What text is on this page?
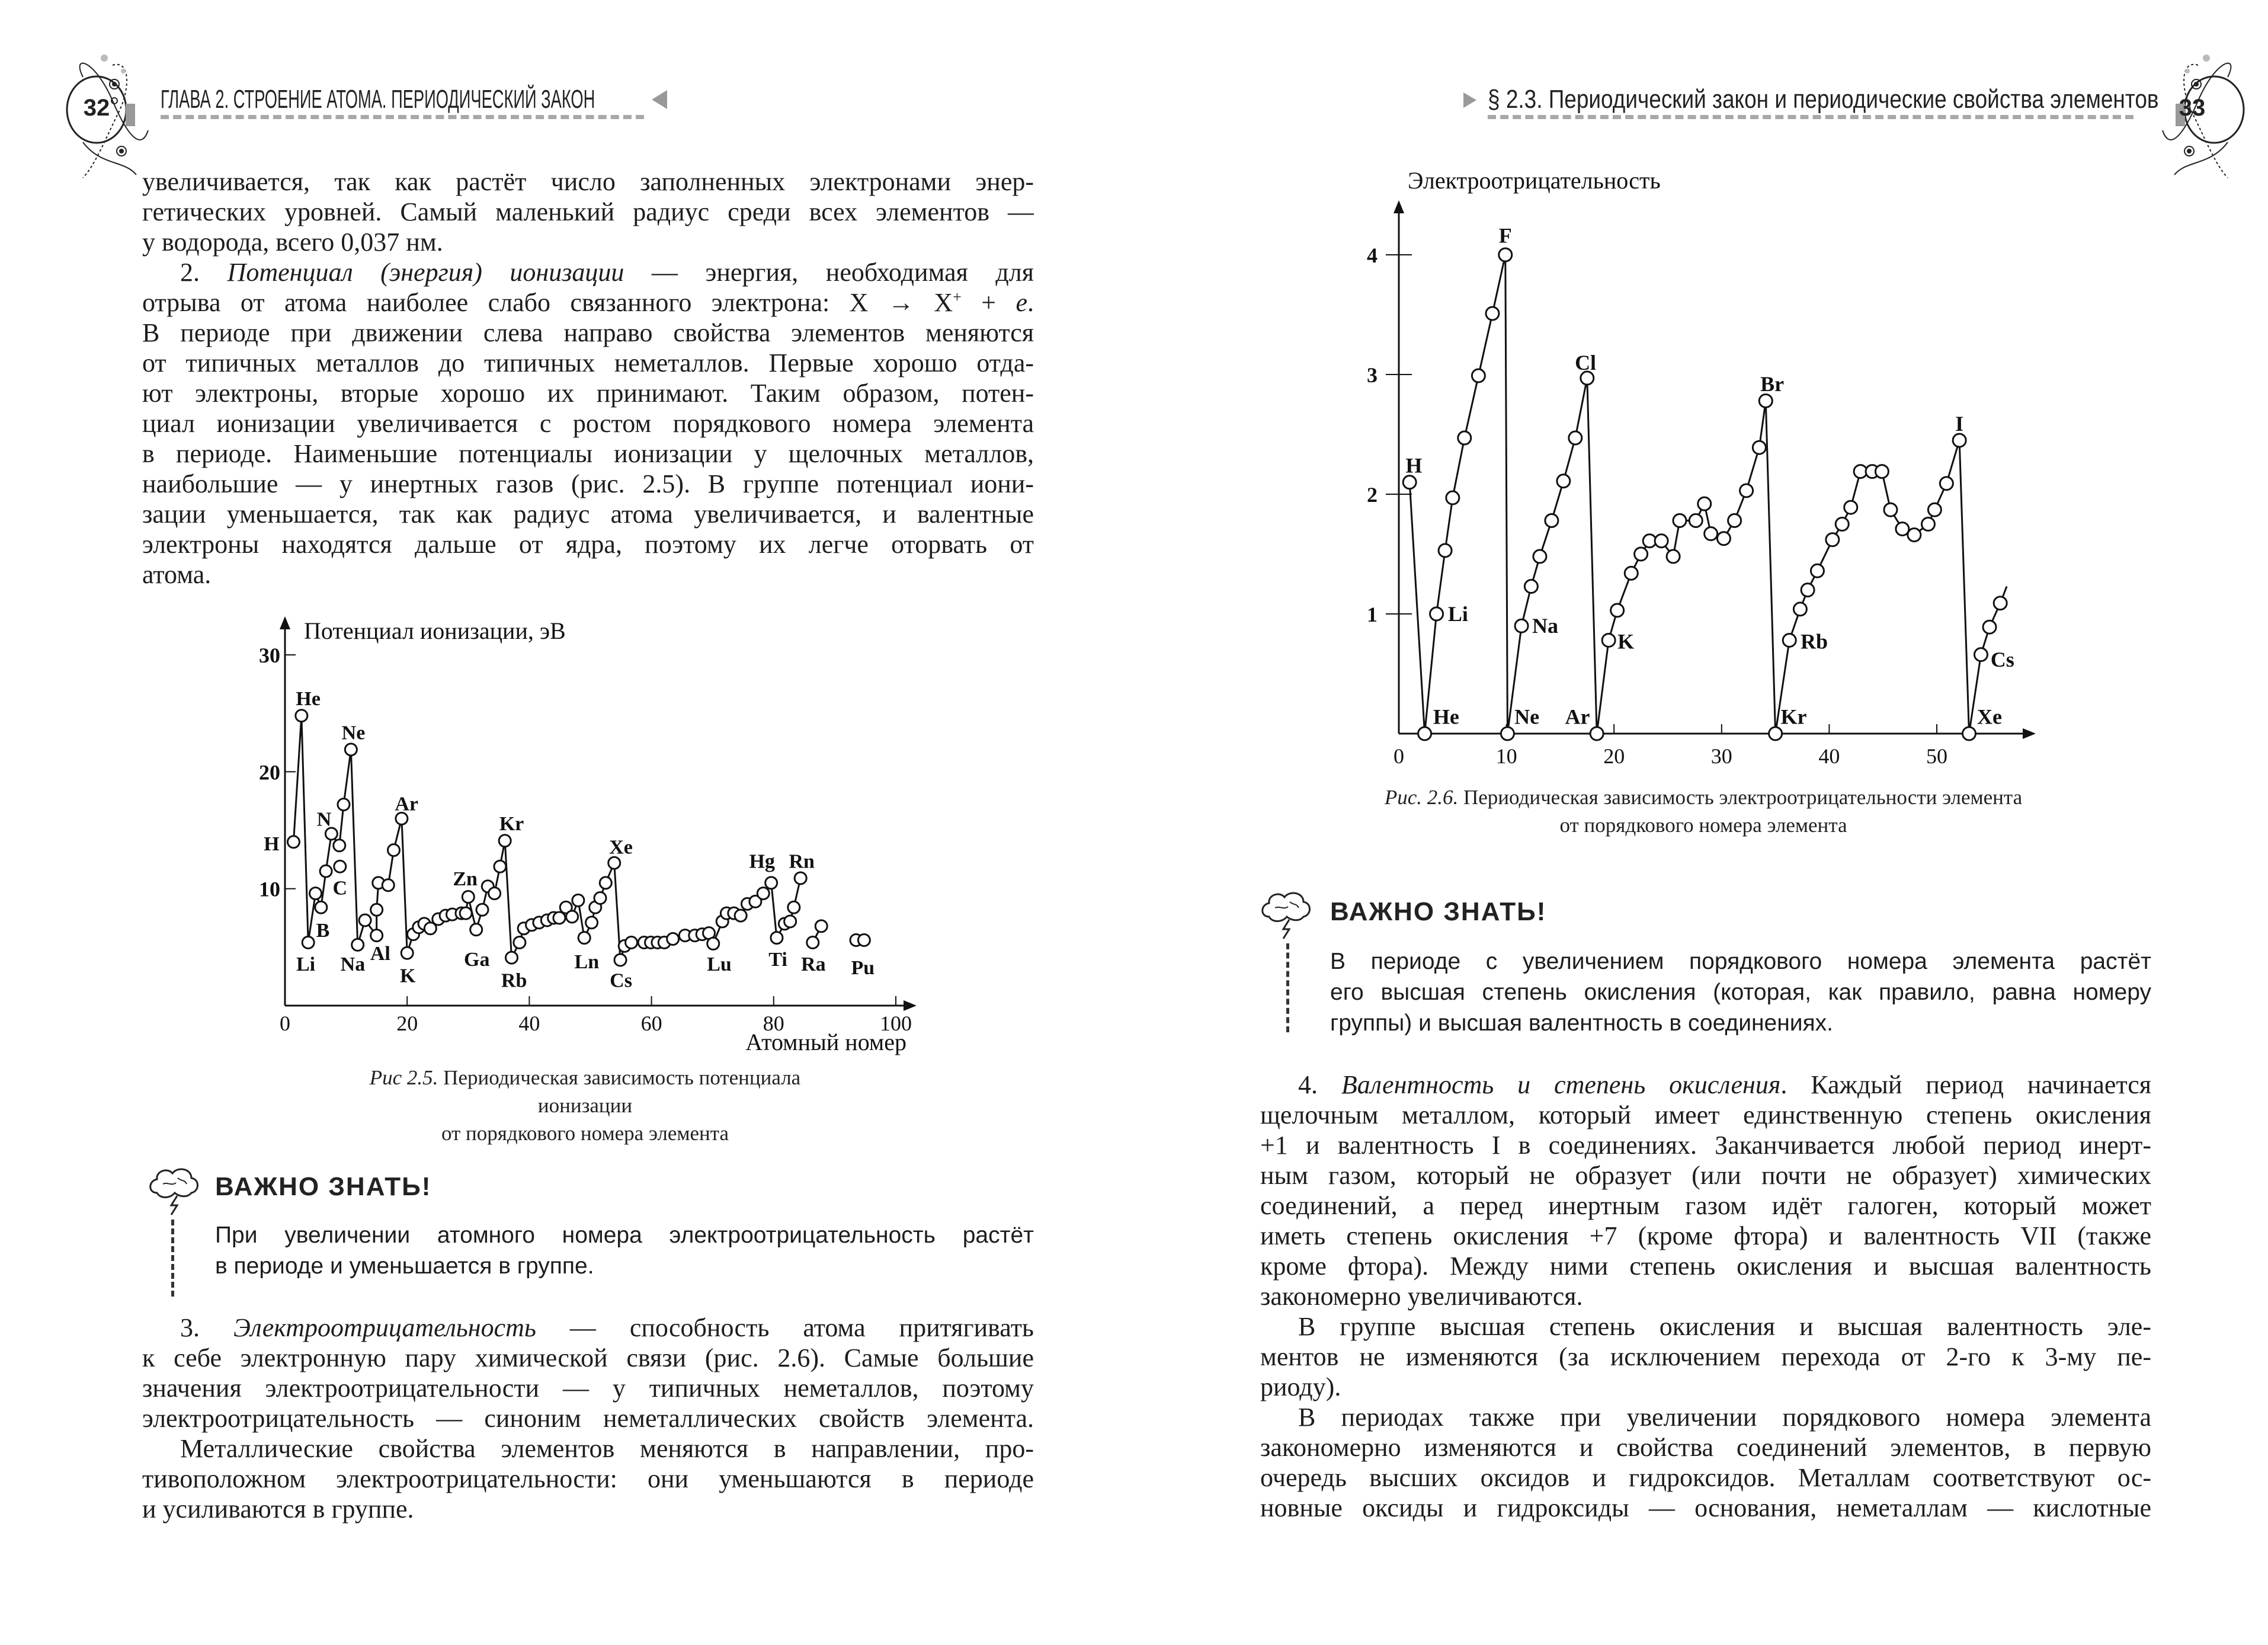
32	ГЛАВА 2. СТРОЕНИЕ АТОМА. ПЕРИОДИЧЕСКИЙ ЗАКОН
увеличивается, так как растёт число заполненных электронами энер-
гетических уровней. Самый маленький радиус среди всех элементов —
у водорода, всего 0,037 нм.
2. Потенциал (энергия) ионизации — энергия, необходимая для
отрыва от атома наиболее слабо связанного электрона: X → X+ + e.
В периоде при движении слева направо свойства элементов меняются
от типичных металлов до типичных неметаллов. Первые хорошо отда-
ют электроны, вторые хорошо их принимают. Таким образом, потен-
циал ионизации увеличивается с ростом порядкового номера элемента
в периоде. Наименьшие потенциалы ионизации у щелочных металлов,
наибольшие — у инертных газов (рис. 2.5). В группе потенциал иони-
зации уменьшается, так как радиус атома увеличивается, и валентные
электроны находятся дальше от ядра, поэтому их легче оторвать от
атома.
0	20	40	60	80	100
10
20
30
Потенциал ионизации, эВ
Атомный номер
H
He
Ne
N
C
B
Li Na Al
K
Ar
Zn
Ga
Kr
Rb
Ln
Xe
Cs
Lu
Hg Rn
Ti Ra Pu
Рис 2.5. Периодическая зависимость потенциала ионизации
от порядкового номера элемента
ВАЖНО ЗНАТЬ!
При увеличении атомного номера электроотрицательность растёт
в периоде и уменьшается в группе.
3. Электроотрицательность — способность атома притягивать
к себе электронную пару химической связи (рис. 2.6). Самые большие
значения электроотрицательности — у типичных неметаллов, поэтому
электроотрицательность — синоним неметаллических свойств элемента.
Металлические свойства элементов меняются в направлении, про-
тивоположном электроотрицательности: они уменьшаются в периоде
и усиливаются в группе.
§ 2.3. Периодический закон и периодические свойства элементов 33
0	10	20	30	40	50
1
2
3
4
Электроотрицательность
F
H
Li
Na
K	Rb
Cs
He	Ne Ar	Kr	Xe
Cl
Br
I
Рис. 2.6. Периодическая зависимость электроотрицательности элемента
от порядкового номера элемента
ВАЖНО ЗНАТЬ!
В периоде с увеличением порядкового номера элемента растёт
его высшая степень окисления (которая, как правило, равна номеру
группы) и высшая валентность в соединениях.
4. Валентность и степень окисления. Каждый период начинается
щелочным металлом, который имеет единственную степень окисления
+1 и валентность I в соединениях. Заканчивается любой период инерт-
ным газом, который не образует (или почти не образует) химических
соединений, а перед инертным газом идёт галоген, который может
иметь степень окисления +7 (кроме фтора) и валентность VII (также
кроме фтора). Между ними степень окисления и высшая валентность
закономерно увеличиваются.
В группе высшая степень окисления и высшая валентность эле-
ментов не изменяются (за исключением перехода от 2-го к 3-му пе-
риоду).
В периодах также при увеличении порядкового номера элемента
закономерно изменяются и свойства соединений элементов, в первую
очередь высших оксидов и гидроксидов. Металлам соответствуют ос-
новные оксиды и гидроксиды — основания, неметаллам — кислотные
